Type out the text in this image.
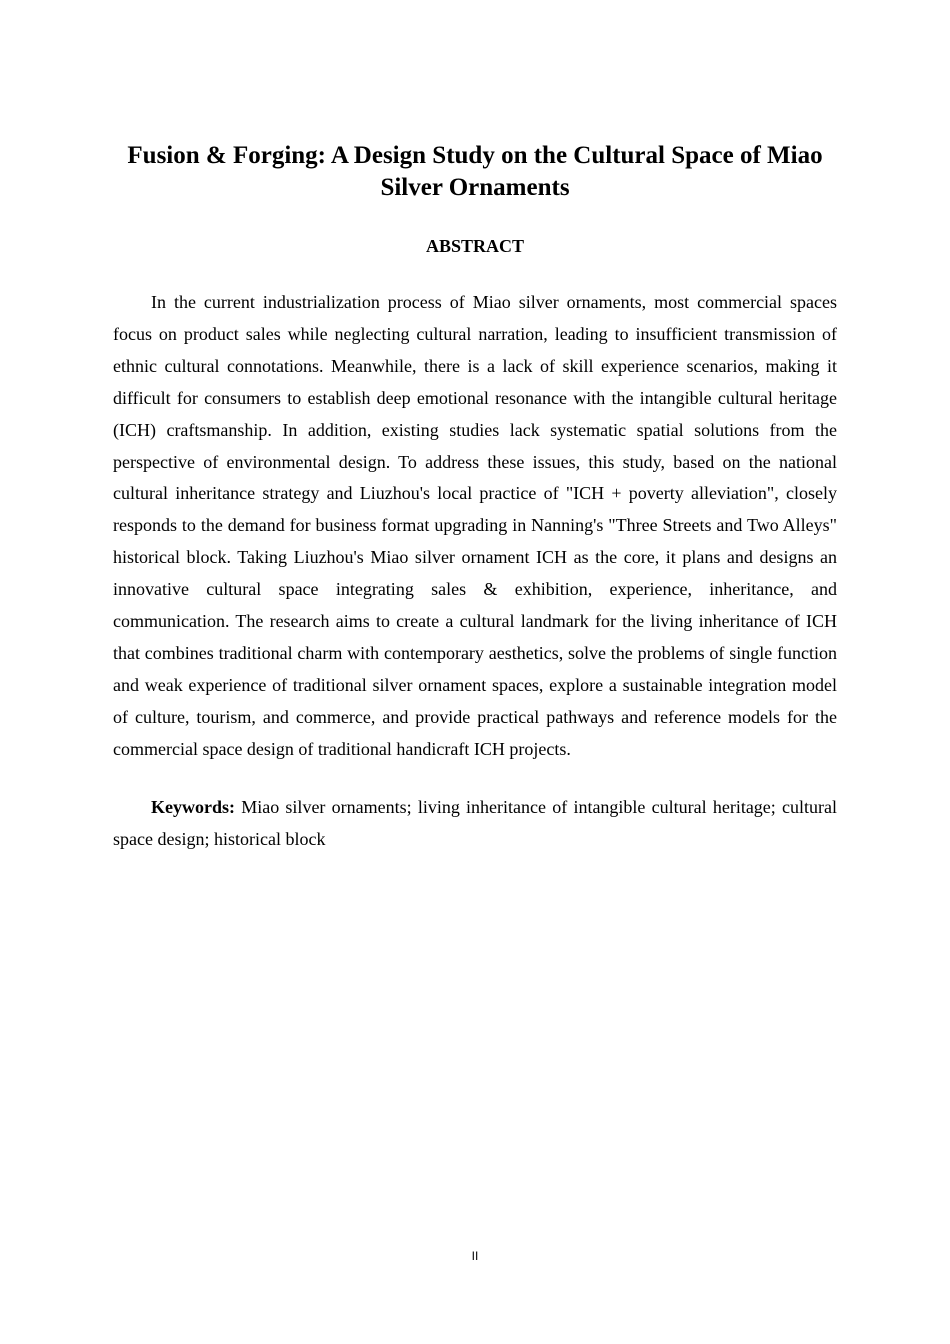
Fusion & Forging: A Design Study on the Cultural Space of Miao Silver Ornaments
ABSTRACT

In the current industrialization process of Miao silver ornaments, most commercial spaces focus on product sales while neglecting cultural narration, leading to insufficient transmission of ethnic cultural connotations. Meanwhile, there is a lack of skill experience scenarios, making it difficult for consumers to establish deep emotional resonance with the intangible cultural heritage (ICH) craftsmanship. In addition, existing studies lack systematic spatial solutions from the perspective of environmental design. To address these issues, this study, based on the national cultural inheritance strategy and Liuzhou's local practice of "ICH + poverty alleviation", closely responds to the demand for business format upgrading in Nanning's "Three Streets and Two Alleys" historical block. Taking Liuzhou's Miao silver ornament ICH as the core, it plans and designs an innovative cultural space integrating sales & exhibition, experience, inheritance, and communication. The research aims to create a cultural landmark for the living inheritance of ICH that combines traditional charm with contemporary aesthetics, solve the problems of single function and weak experience of traditional silver ornament spaces, explore a sustainable integration model of culture, tourism, and commerce, and provide practical pathways and reference models for the commercial space design of traditional handicraft ICH projects.

Keywords: Miao silver ornaments; living inheritance of intangible cultural heritage; cultural space design; historical block

II
